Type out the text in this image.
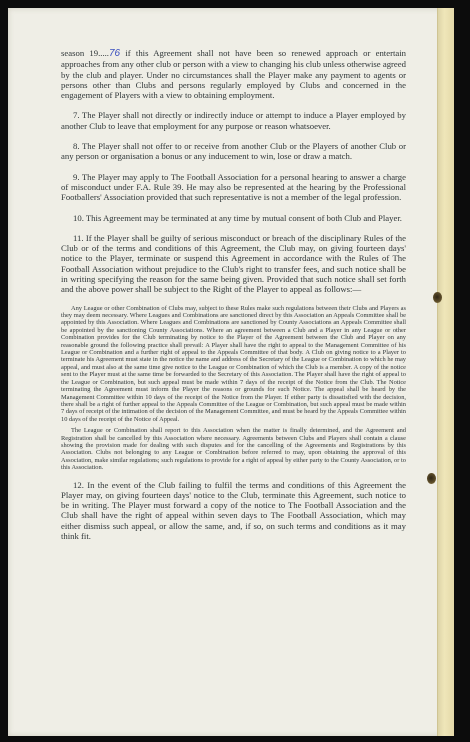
season 19.....76 if this Agreement shall not have been so renewed approach or entertain approaches from any other club or person with a view to changing his club unless otherwise agreed by the club and player. Under no circumstances shall the Player make any payment to agents or persons other than Clubs and persons regularly employed by Clubs and concerned in the engagement of Players with a view to obtaining employment.

7. The Player shall not directly or indirectly induce or attempt to induce a Player employed by another Club to leave that employment for any purpose or reason whatsoever.

8. The Player shall not offer to or receive from another Club or the Players of another Club or any person or organisation a bonus or any inducement to win, lose or draw a match.

9. The Player may apply to The Football Association for a personal hearing to answer a charge of misconduct under F.A. Rule 39. He may also be represented at the hearing by the Professional Footballers' Association provided that such representative is not a member of the legal profession.

10. This Agreement may be terminated at any time by mutual consent of both Club and Player.

11. If the Player shall be guilty of serious misconduct or breach of the disciplinary Rules of the Club or of the terms and conditions of this Agreement, the Club may, on giving fourteen days' notice to the Player, terminate or suspend this Agreement in accordance with the Rules of The Football Association without prejudice to the Club's right to transfer fees, and such notice shall be in writing specifying the reason for the same being given. Provided that such notice shall set forth and the above power shall be subject to the Right of the Player to appeal as follows:—

Any League or other Combination of Clubs may, subject to these Rules make such regulations between their Clubs and Players as they may deem necessary. Where Leagues and Combinations are sanctioned direct by this Association an Appeals Committee shall be appointed by this Association. Where Leagues and Combinations are sanctioned by County Associations an Appeals Committee shall be appointed by the sanctioning County Associations. Where an agreement between a Club and a Player in any League or other Combination provides for the Club terminating by notice to the Player of the Agreement between the Club and Player on any reasonable ground the following practice shall prevail: A Player shall have the right to appeal to the Management Committee of his League or Combination and a further right of appeal to the Appeals Committee of that body. A Club on giving notice to a Player to terminate his Agreement must state in the notice the name and address of the Secretary of the League or Combination to which he may appeal, and must also at the same time give notice to the League or Combination of which the Club is a member. A copy of the notice sent to the Player must at the same time be forwarded to the Secretary of this Association. The Player shall have the right of appeal to the League or Combination, but such appeal must be made within 7 days of the receipt of the Notice from the Club. The Notice terminating the Agreement must inform the Player the reasons or grounds for such Notice. The appeal shall be heard by the Management Committee within 10 days of the receipt of the Notice from the Player. If either party is dissatisfied with the decision, there shall be a right of further appeal to the Appeals Committee of the League or Combination, but such appeal must be made within 7 days of receipt of the intimation of the decision of the Management Committee, and must be heard by the Appeals Committee within 10 days of the receipt of the Notice of Appeal.

The League or Combination shall report to this Association when the matter is finally determined, and the Agreement and Registration shall be cancelled by this Association where necessary. Agreements between Clubs and Players shall contain a clause showing the provision made for dealing with such disputes and for the cancelling of the Agreements and Registrations by this Association. Clubs not belonging to any League or Combination before referred to may, upon obtaining the approval of this Association, make similar regulations; such regulations to provide for a right of appeal by either party to the County Association, or to this Association.

12. In the event of the Club failing to fulfil the terms and conditions of this Agreement the Player may, on giving fourteen days' notice to the Club, terminate this Agreement, such notice to be in writing. The Player must forward a copy of the notice to The Football Association and the Club shall have the right of appeal within seven days to The Football Association, which may either dismiss such appeal, or allow the same, and, if so, on such terms and conditions as it may think fit.
